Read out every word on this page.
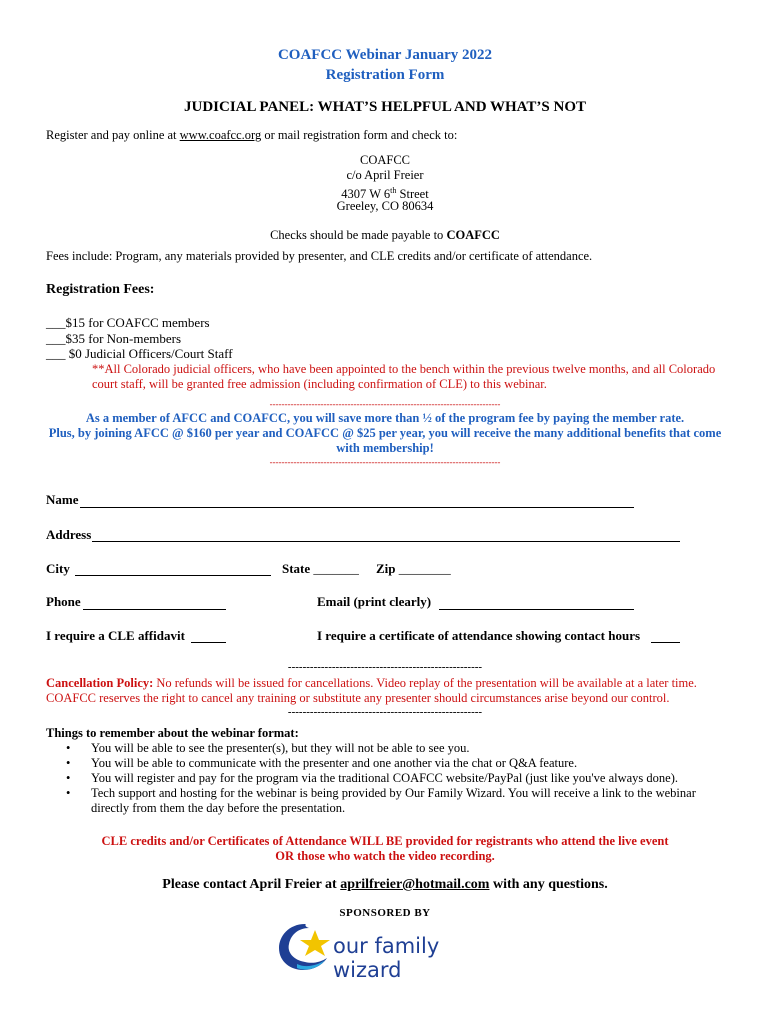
COAFCC Webinar January 2022
Registration Form
JUDICIAL PANEL: WHAT’S HELPFUL AND WHAT’S NOT
Register and pay online at www.coafcc.org or mail registration form and check to:
COAFCC
c/o April Freier
4307 W 6th Street
Greeley, CO 80634
Checks should be made payable to COAFCC
Fees include: Program, any materials provided by presenter, and CLE credits and/or certificate of attendance.
Registration Fees:
___$15 for COAFCC members
___$35 for Non-members
___ $0 Judicial Officers/Court Staff
**All Colorado judicial officers, who have been appointed to the bench within the previous twelve months, and all Colorado court staff, will be granted free admission (including confirmation of CLE) to this webinar.
-----------------------------------------------------------------------------
As a member of AFCC and COAFCC, you will save more than ½ of the program fee by paying the member rate.
Plus, by joining AFCC @ $160 per year and COAFCC @ $25 per year, you will receive the many additional benefits that come with membership!
-----------------------------------------------------------------------------
Name
Address
City	State _______ Zip ________
Phone	Email (print clearly)
I require a CLE affidavit	I require a certificate of attendance showing contact hours
-----------------------------------------------------
Cancellation Policy: No refunds will be issued for cancellations. Video replay of the presentation will be available at a later time. COAFCC reserves the right to cancel any training or substitute any presenter should circumstances arise beyond our control.
-----------------------------------------------------
Things to remember about the webinar format:
• You will be able to see the presenter(s), but they will not be able to see you.
• You will be able to communicate with the presenter and one another via the chat or Q&A feature.
• You will register and pay for the program via the traditional COAFCC website/PayPal (just like you've always done).
• Tech support and hosting for the webinar is being provided by Our Family Wizard. You will receive a link to the webinar directly from them the day before the presentation.
CLE credits and/or Certificates of Attendance WILL BE provided for registrants who attend the live event
OR those who watch the video recording.
Please contact April Freier at aprilfreier@hotmail.com with any questions.
SPONSORED BY
our family wizard
